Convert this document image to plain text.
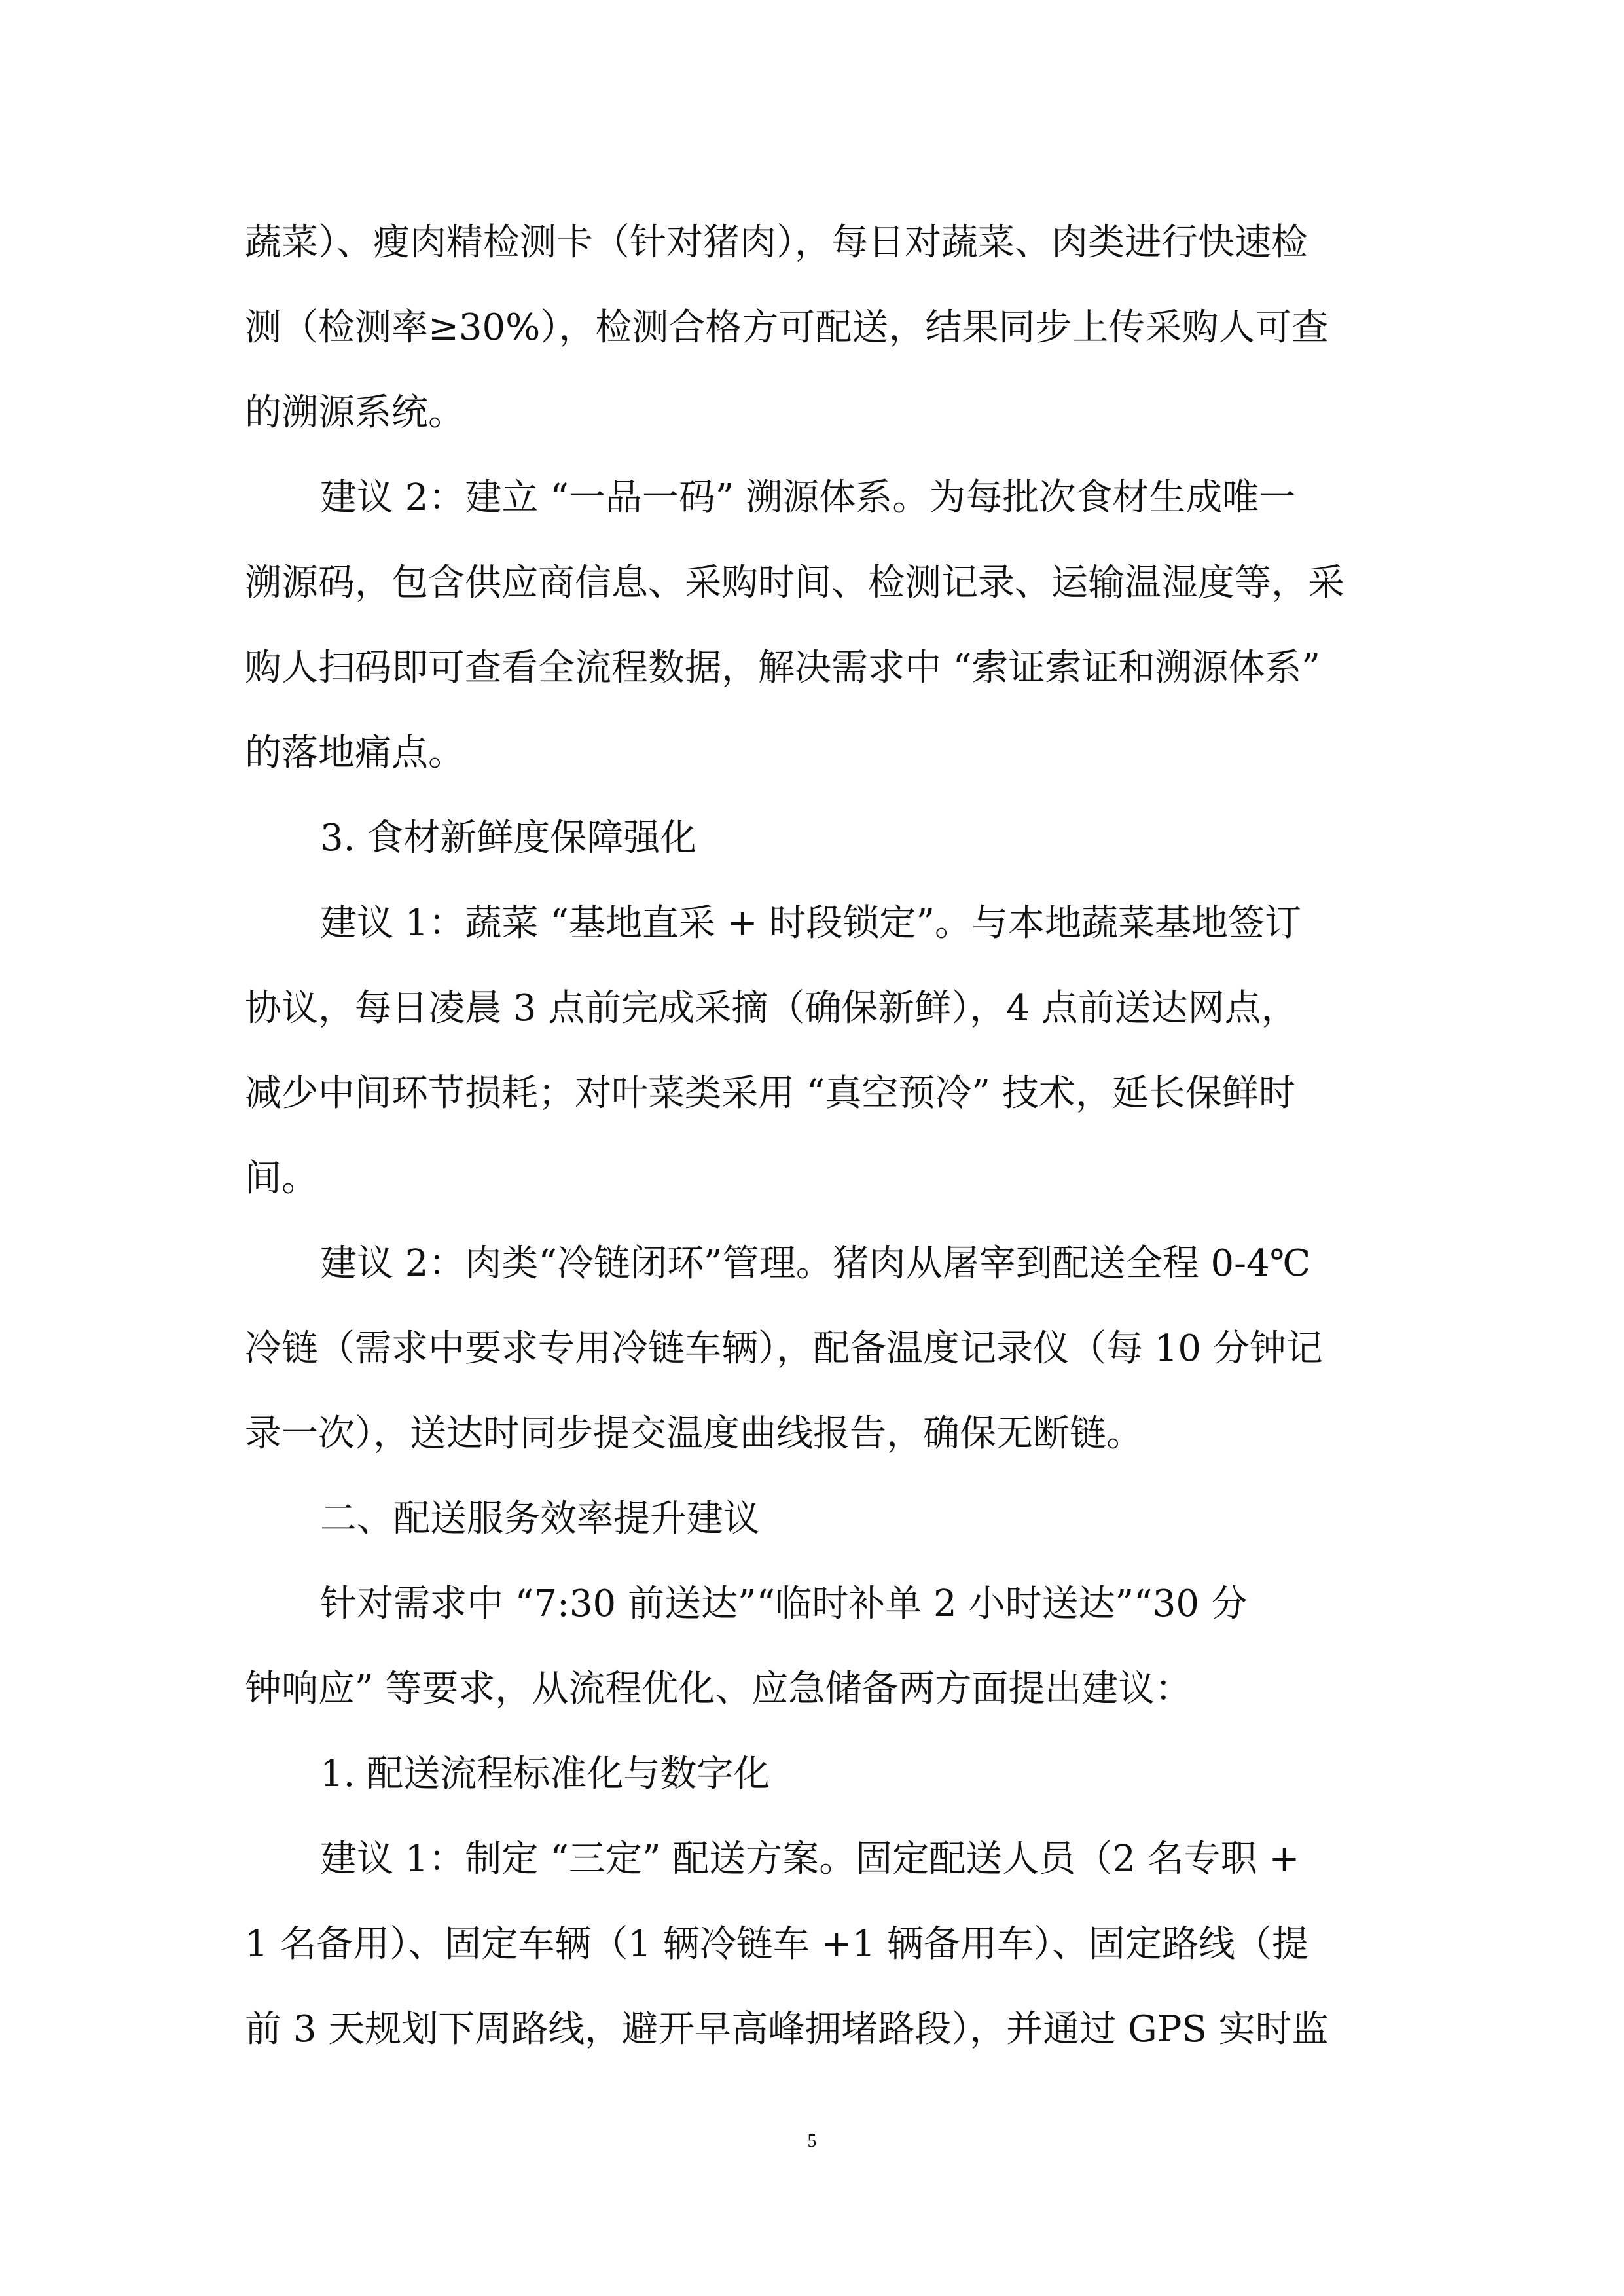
蔬菜）、瘦肉精检测卡（针对猪肉），每日对蔬菜、肉类进行快速检
测（检测率≥30%），检测合格方可配送，结果同步上传采购人可查
的溯源系统。
建议 2：建立 “一品一码” 溯源体系。为每批次食材生成唯一
溯源码，包含供应商信息、采购时间、检测记录、运输温湿度等，采
购人扫码即可查看全流程数据，解决需求中 “索证索证和溯源体系”
的落地痛点。
3. 食材新鲜度保障强化
建议 1：蔬菜 “基地直采 + 时段锁定”。与本地蔬菜基地签订
协议，每日凌晨 3 点前完成采摘（确保新鲜），4 点前送达网点，
减少中间环节损耗；对叶菜类采用 “真空预冷” 技术，延长保鲜时
间。
建议 2：肉类“冷链闭环”管理。猪肉从屠宰到配送全程 0-4℃
冷链（需求中要求专用冷链车辆），配备温度记录仪（每 10 分钟记
录一次），送达时同步提交温度曲线报告，确保无断链。
二、配送服务效率提升建议
针对需求中 “7:30 前送达”“临时补单 2 小时送达”“30 分
钟响应” 等要求，从流程优化、应急储备两方面提出建议：
1. 配送流程标准化与数字化
建议 1：制定 “三定” 配送方案。固定配送人员（2 名专职 +
1 名备用）、固定车辆（1 辆冷链车 +1 辆备用车）、固定路线（提
前 3 天规划下周路线，避开早高峰拥堵路段），并通过 GPS 实时监
5
